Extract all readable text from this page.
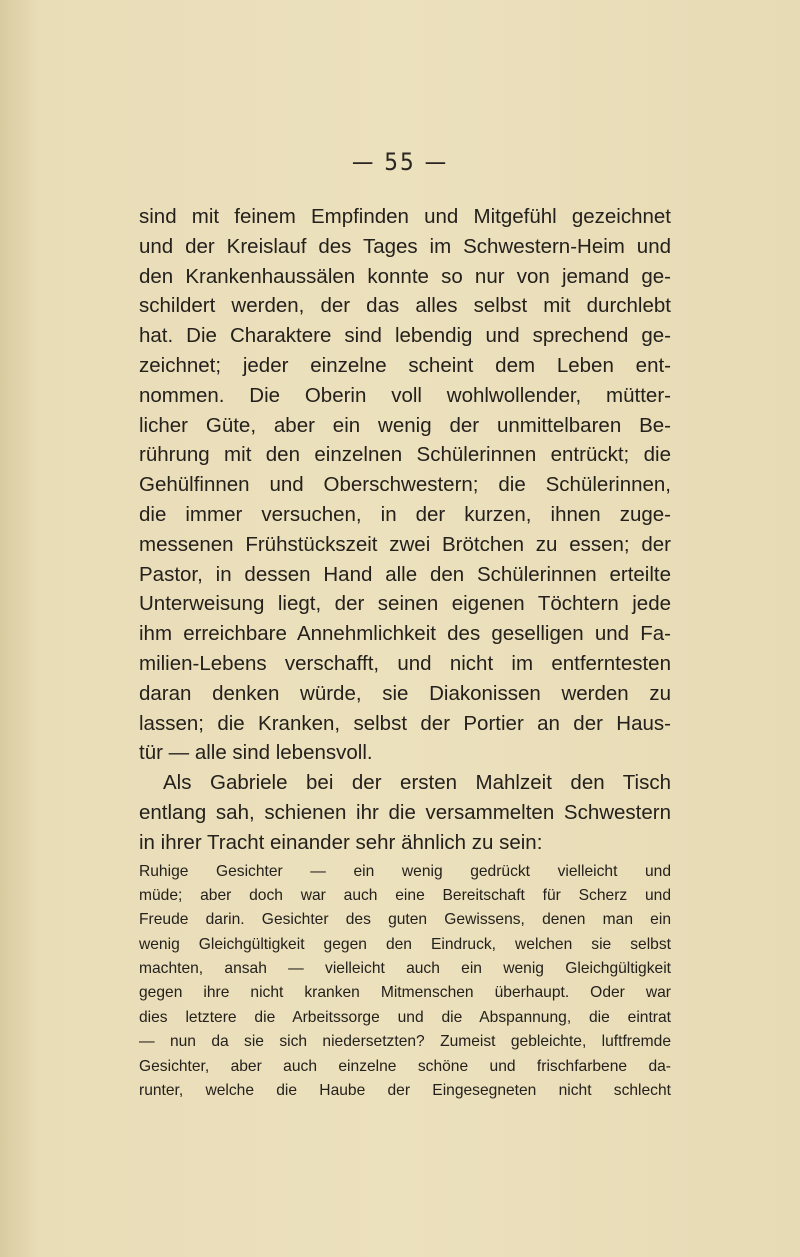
— 55 —
sind mit feinem Empfinden und Mitgefühl gezeichnet
und der Kreislauf des Tages im Schwestern-Heim und
den Krankenhaussälen konnte so nur von jemand ge-
schildert werden, der das alles selbst mit durchlebt
hat. Die Charaktere sind lebendig und sprechend ge-
zeichnet; jeder einzelne scheint dem Leben ent-
nommen. Die Oberin voll wohlwollender, mütter-
licher Güte, aber ein wenig der unmittelbaren Be-
rührung mit den einzelnen Schülerinnen entrückt; die
Gehülfinnen und Oberschwestern; die Schülerinnen,
die immer versuchen, in der kurzen, ihnen zuge-
messenen Frühstückszeit zwei Brötchen zu essen; der
Pastor, in dessen Hand alle den Schülerinnen erteilte
Unterweisung liegt, der seinen eigenen Töchtern jede
ihm erreichbare Annehmlichkeit des geselligen und Fa-
milien-Lebens verschafft, und nicht im entferntesten
daran denken würde, sie Diakonissen werden zu
lassen; die Kranken, selbst der Portier an der Haus-
tür — alle sind lebensvoll.
Als Gabriele bei der ersten Mahlzeit den Tisch
entlang sah, schienen ihr die versammelten Schwestern
in ihrer Tracht einander sehr ähnlich zu sein:
Ruhige Gesichter — ein wenig gedrückt vielleicht und
müde; aber doch war auch eine Bereitschaft für Scherz und
Freude darin. Gesichter des guten Gewissens, denen man ein
wenig Gleichgültigkeit gegen den Eindruck, welchen sie selbst
machten, ansah — vielleicht auch ein wenig Gleichgültigkeit
gegen ihre nicht kranken Mitmenschen überhaupt. Oder war
dies letztere die Arbeitssorge und die Abspannung, die eintrat
— nun da sie sich niedersetzten? Zumeist gebleichte, luftfremde
Gesichter, aber auch einzelne schöne und frischfarbene da-
runter, welche die Haube der Eingesegneten nicht schlecht
